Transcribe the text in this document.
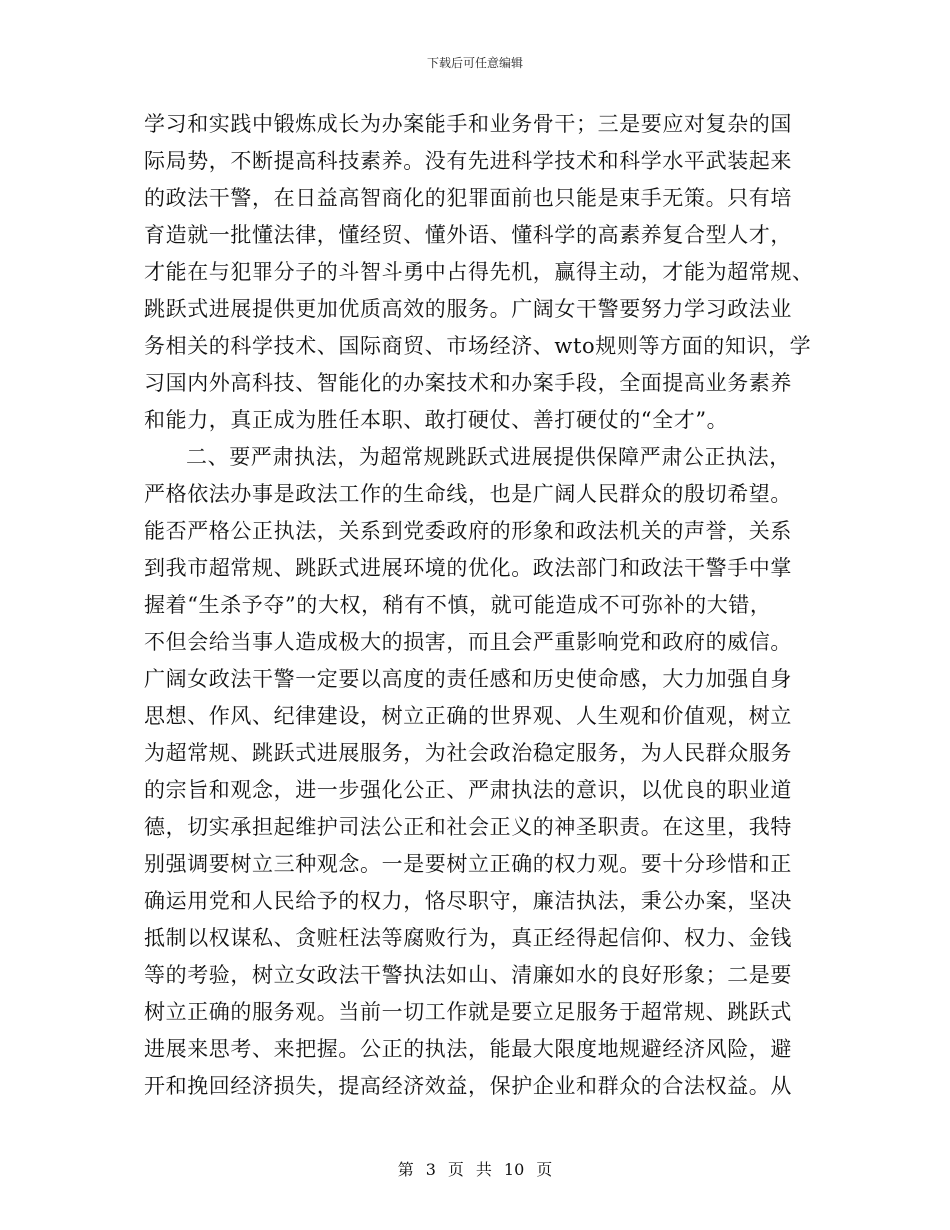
下载后可任意编辑
学习和实践中锻炼成长为办案能手和业务骨干；三是要应对复杂的国
际局势，不断提高科技素养。没有先进科学技术和科学水平武装起来
的政法干警，在日益高智商化的犯罪面前也只能是束手无策。只有培
育造就一批懂法律，懂经贸、懂外语、懂科学的高素养复合型人才，
才能在与犯罪分子的斗智斗勇中占得先机，赢得主动，才能为超常规、
跳跃式进展提供更加优质高效的服务。广阔女干警要努力学习政法业
务相关的科学技术、国际商贸、市场经济、wto规则等方面的知识，学
习国内外高科技、智能化的办案技术和办案手段，全面提高业务素养
和能力，真正成为胜任本职、敢打硬仗、善打硬仗的“全才”。
二、要严肃执法，为超常规跳跃式进展提供保障严肃公正执法，
严格依法办事是政法工作的生命线，也是广阔人民群众的殷切希望。
能否严格公正执法，关系到党委政府的形象和政法机关的声誉，关系
到我市超常规、跳跃式进展环境的优化。政法部门和政法干警手中掌
握着“生杀予夺”的大权，稍有不慎，就可能造成不可弥补的大错，
不但会给当事人造成极大的损害，而且会严重影响党和政府的威信。
广阔女政法干警一定要以高度的责任感和历史使命感，大力加强自身
思想、作风、纪律建设，树立正确的世界观、人生观和价值观，树立
为超常规、跳跃式进展服务，为社会政治稳定服务，为人民群众服务
的宗旨和观念，进一步强化公正、严肃执法的意识，以优良的职业道
德，切实承担起维护司法公正和社会正义的神圣职责。在这里，我特
别强调要树立三种观念。一是要树立正确的权力观。要十分珍惜和正
确运用党和人民给予的权力，恪尽职守，廉洁执法，秉公办案，坚决
抵制以权谋私、贪赃枉法等腐败行为，真正经得起信仰、权力、金钱
等的考验，树立女政法干警执法如山、清廉如水的良好形象；二是要
树立正确的服务观。当前一切工作就是要立足服务于超常规、跳跃式
进展来思考、来把握。公正的执法，能最大限度地规避经济风险，避
开和挽回经济损失，提高经济效益，保护企业和群众的合法权益。从
第 3 页 共 10 页
